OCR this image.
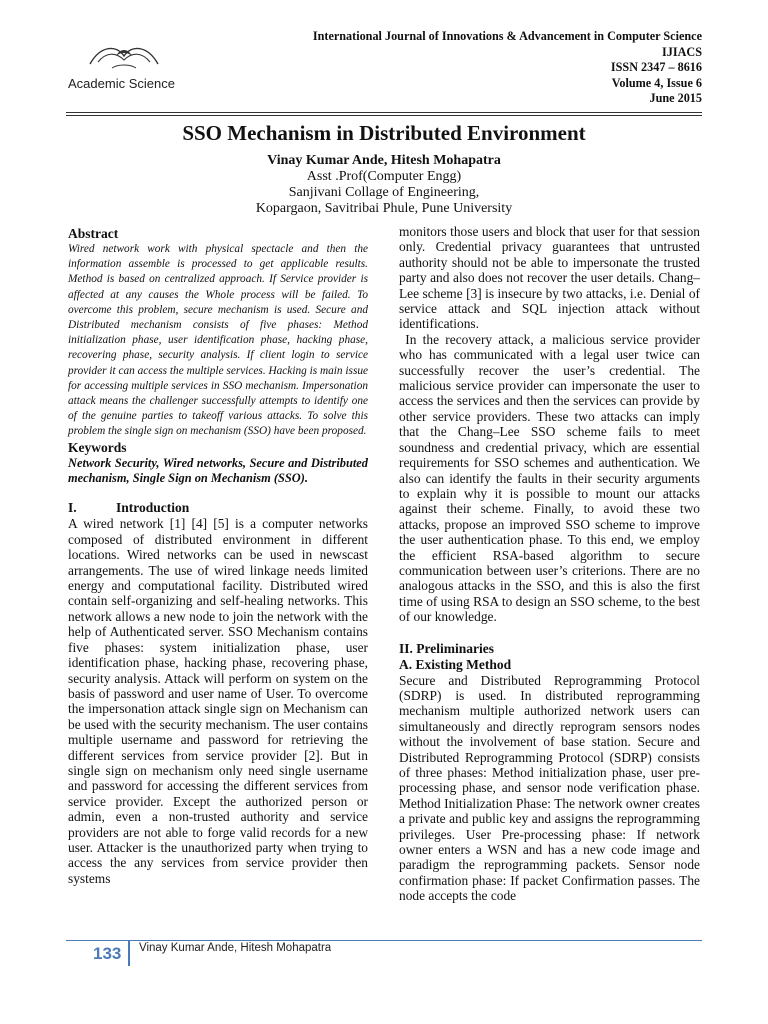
Academic Science
International Journal of Innovations & Advancement in Computer Science
IJIACS
ISSN 2347 – 8616
Volume 4, Issue 6
June 2015
SSO Mechanism in Distributed Environment
Vinay Kumar Ande, Hitesh Mohapatra
Asst .Prof(Computer Engg)
Sanjivani Collage of Engineering,
Kopargaon, Savitribai Phule, Pune University
Abstract
Wired network work with physical spectacle and then the information assemble is processed to get applicable results. Method is based on centralized approach. If Service provider is affected at any causes the Whole process will be failed. To overcome this problem, secure mechanism is used. Secure and Distributed mechanism consists of five phases: Method initialization phase, user identification phase, hacking phase, recovering phase, security analysis. If client login to service provider it can access the multiple services. Hacking is main issue for accessing multiple services in SSO mechanism. Impersonation attack means the challenger successfully attempts to identify one of the genuine parties to takeoff various attacks. To solve this problem the single sign on mechanism (SSO) have been proposed.
Keywords
Network Security, Wired networks, Secure and Distributed mechanism, Single Sign on Mechanism (SSO).
I.	Introduction
A wired network [1] [4] [5] is a computer networks composed of distributed environment in different locations. Wired networks can be used in newscast arrangements. The use of wired linkage needs limited energy and computational facility. Distributed wired contain self-organizing and self-healing networks. This network allows a new node to join the network with the help of Authenticated server. SSO Mechanism contains five phases: system initialization phase, user identification phase, hacking phase, recovering phase, security analysis. Attack will perform on system on the basis of password and user name of User. To overcome the impersonation attack single sign on Mechanism can be used with the security mechanism. The user contains multiple username and password for retrieving the different services from service provider [2]. But in single sign on mechanism only need single username and password for accessing the different services from service provider. Except the authorized person or admin, even a non-trusted authority and service providers are not able to forge valid records for a new user. Attacker is the unauthorized party when trying to access the any services from service provider then systems
monitors those users and block that user for that session only. Credential privacy guarantees that untrusted authority should not be able to impersonate the trusted party and also does not recover the user details. Chang–Lee scheme [3] is insecure by two attacks, i.e. Denial of service attack and SQL injection attack without identifications.
In the recovery attack, a malicious service provider who has communicated with a legal user twice can successfully recover the user’s credential. The malicious service provider can impersonate the user to access the services and then the services can provide by other service providers. These two attacks can imply that the Chang–Lee SSO scheme fails to meet soundness and credential privacy, which are essential requirements for SSO schemes and authentication. We also can identify the faults in their security arguments to explain why it is possible to mount our attacks against their scheme. Finally, to avoid these two attacks, propose an improved SSO scheme to improve the user authentication phase. To this end, we employ the efficient RSA-based algorithm to secure communication between user’s criterions. There are no analogous attacks in the SSO, and this is also the first time of using RSA to design an SSO scheme, to the best of our knowledge.
II. Preliminaries
A. Existing Method
Secure and Distributed Reprogramming Protocol (SDRP) is used. In distributed reprogramming mechanism multiple authorized network users can simultaneously and directly reprogram sensors nodes without the involvement of base station. Secure and Distributed Reprogramming Protocol (SDRP) consists of three phases: Method initialization phase, user pre-processing phase, and sensor node verification phase. Method Initialization Phase: The network owner creates a private and public key and assigns the reprogramming privileges. User Pre-processing phase: If network owner enters a WSN and has a new code image and paradigm the reprogramming packets. Sensor node confirmation phase: If packet Confirmation passes. The node accepts the code
133 Vinay Kumar Ande, Hitesh Mohapatra
